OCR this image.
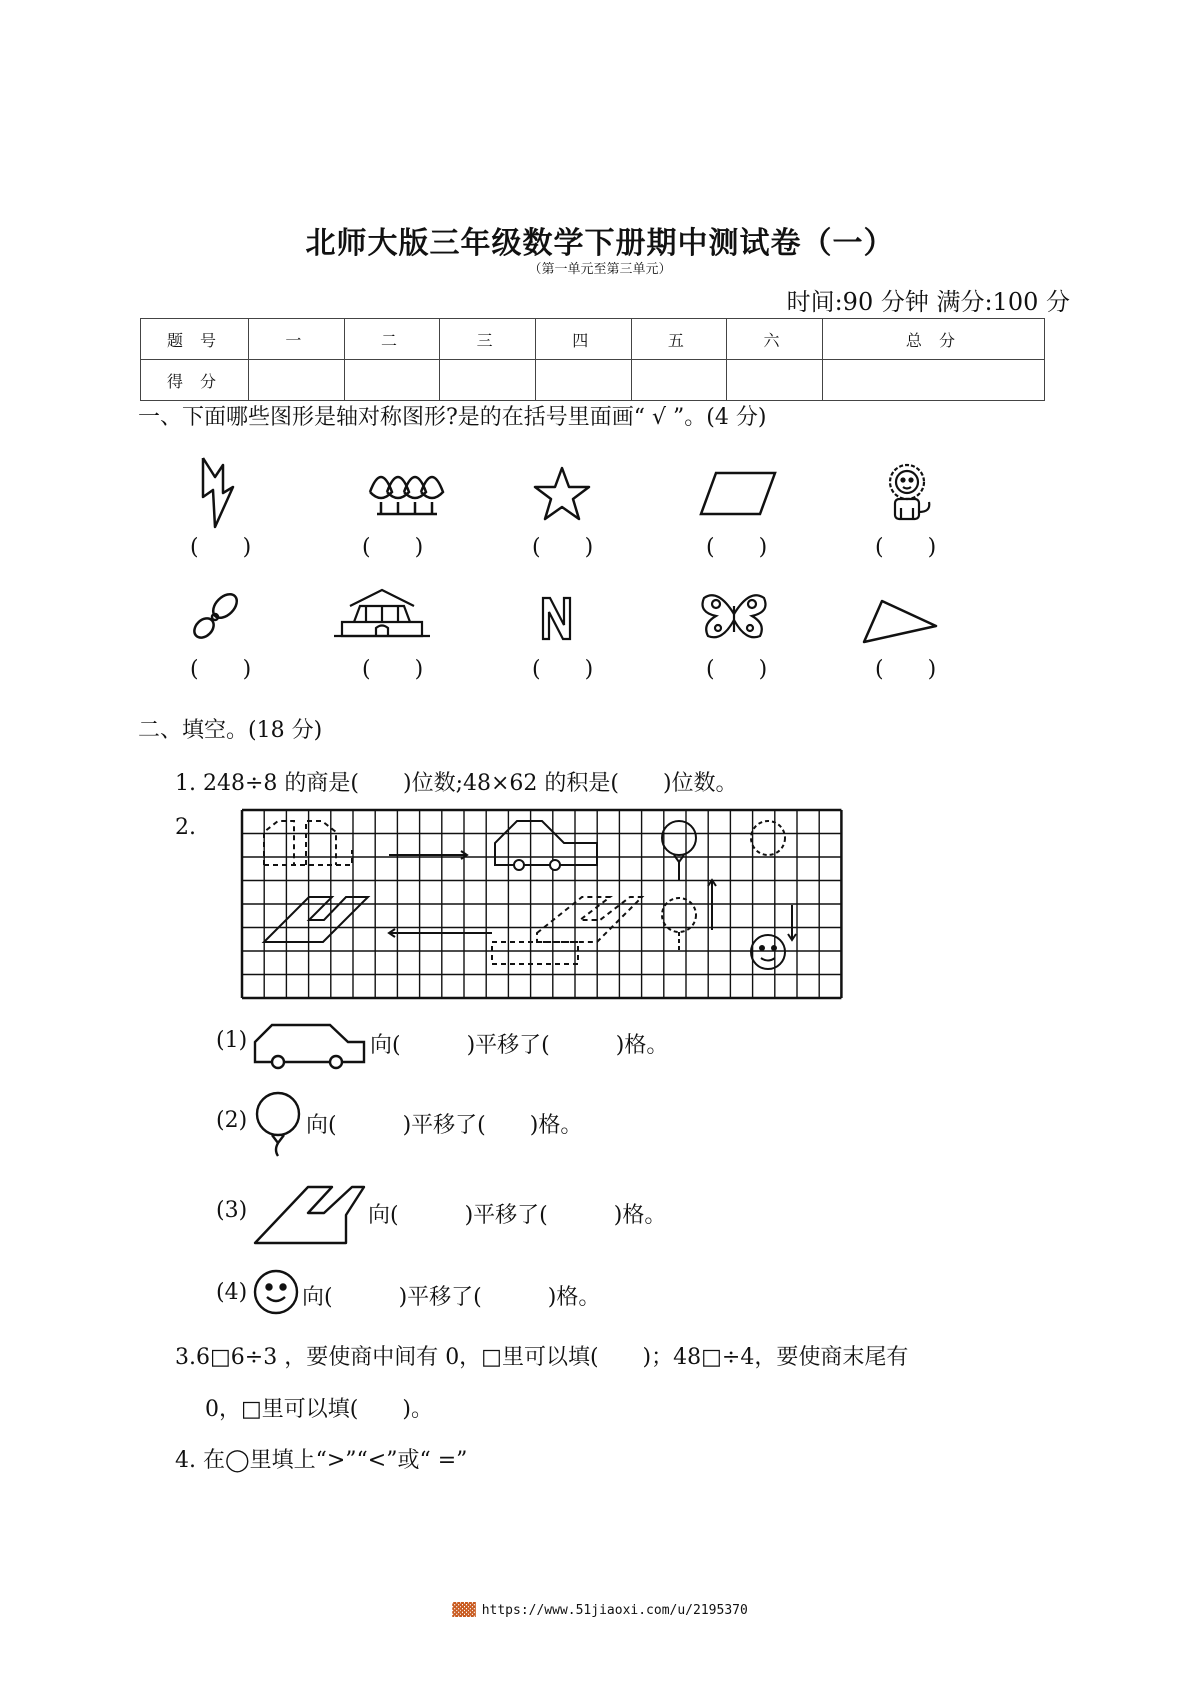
北师大版三年级数学下册期中测试卷（一）
（第一单元至第三单元）
时间:90 分钟 满分:100 分
题 号	一	二	三	四	五	六	总 分
得 分							
一、下面哪些图形是轴对称图形?是的在括号里面画“ √ ”。(4 分)
(　　)	(　　)	(　　)	(　　)	(　　)
(　　)	(　　)	(　　)	(　　)	(　　)
二、填空。(18 分)
1. 248÷8 的商是(　　)位数;48×62 的积是(　　)位数。
2.
(1)	向(　　　)平移了(　　　)格。
(2)	向(　　　)平移了(　　)格。
(3)	向(　　　)平移了(　　　)格。
(4) 向(　　　)平移了(　　　)格。
3.6□6÷3 ，要使商中间有 0，□里可以填(　　)；48□÷4，要使商末尾有
0，□里可以填(　　)。
4. 在◯里填上“>”“<”或“ =”
▓▓▓ https://www.51jiaoxi.com/u/2195370
